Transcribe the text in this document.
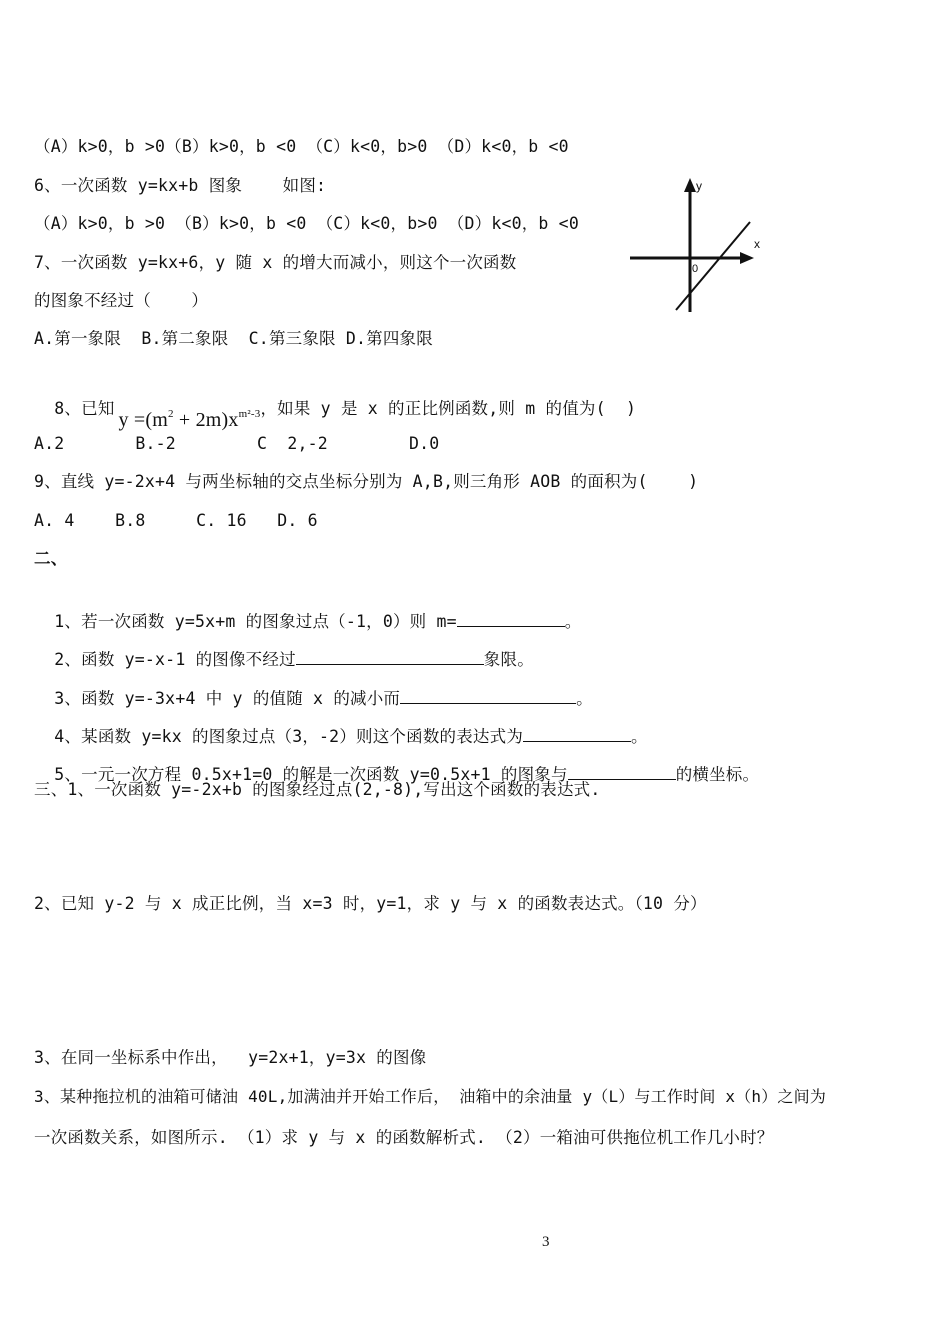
（A）k>0，b >0（B）k>0，b <0 （C）k<0，b>0 （D）k<0，b <0
6、一次函数 y=kx+b 图象    如图:
（A）k>0，b >0 （B）k>0，b <0 （C）k<0，b>0 （D）k<0，b <0
7、一次函数 y=kx+6，y 随 x 的增大而减小，则这个一次函数
的图象不经过（    ）
A.第一象限  B.第二象限  C.第三象限 D.第四象限
y
x
0

8、已知$y =(m^2 + 2m)x^{m^2-3}$，如果 y 是 x 的正比例函数,则 m 的值为(  )

A.2       B.-2        C  2,-2        D.0
9、直线 y=-2x+4 与两坐标轴的交点坐标分别为 A,B,则三角形 AOB 的面积为(    )
A. 4    B.8     C. 16   D. 6
二、

1、若一次函数 y=5x+m 的图象过点（-1，0）则 m=	。

2、函数 y=-x-1 的图像不经过	象限。

3、函数 y=-3x+4 中 y 的值随 x 的减小而	。

4、某函数 y=kx 的图象过点（3，-2）则这个函数的表达式为	。

5、一元一次方程 0.5x+1=0 的解是一次函数 y=0.5x+1 的图象与	的横坐标。

三、1、一次函数 y=-2x+b 的图象经过点(2,-8),写出这个函数的表达式.
2、已知 y-2 与 x 成正比例，当 x=3 时，y=1，求 y 与 x 的函数表达式。（10 分）
3、在同一坐标系中作出，  y=2x+1，y=3x 的图像
3、某种拖拉机的油箱可储油 40L,加满油并开始工作后， 油箱中的余油量 y（L）与工作时间 x（h）之间为
一次函数关系，如图所示. （1）求 y 与 x 的函数解析式. （2）一箱油可供拖位机工作几小时？
3
